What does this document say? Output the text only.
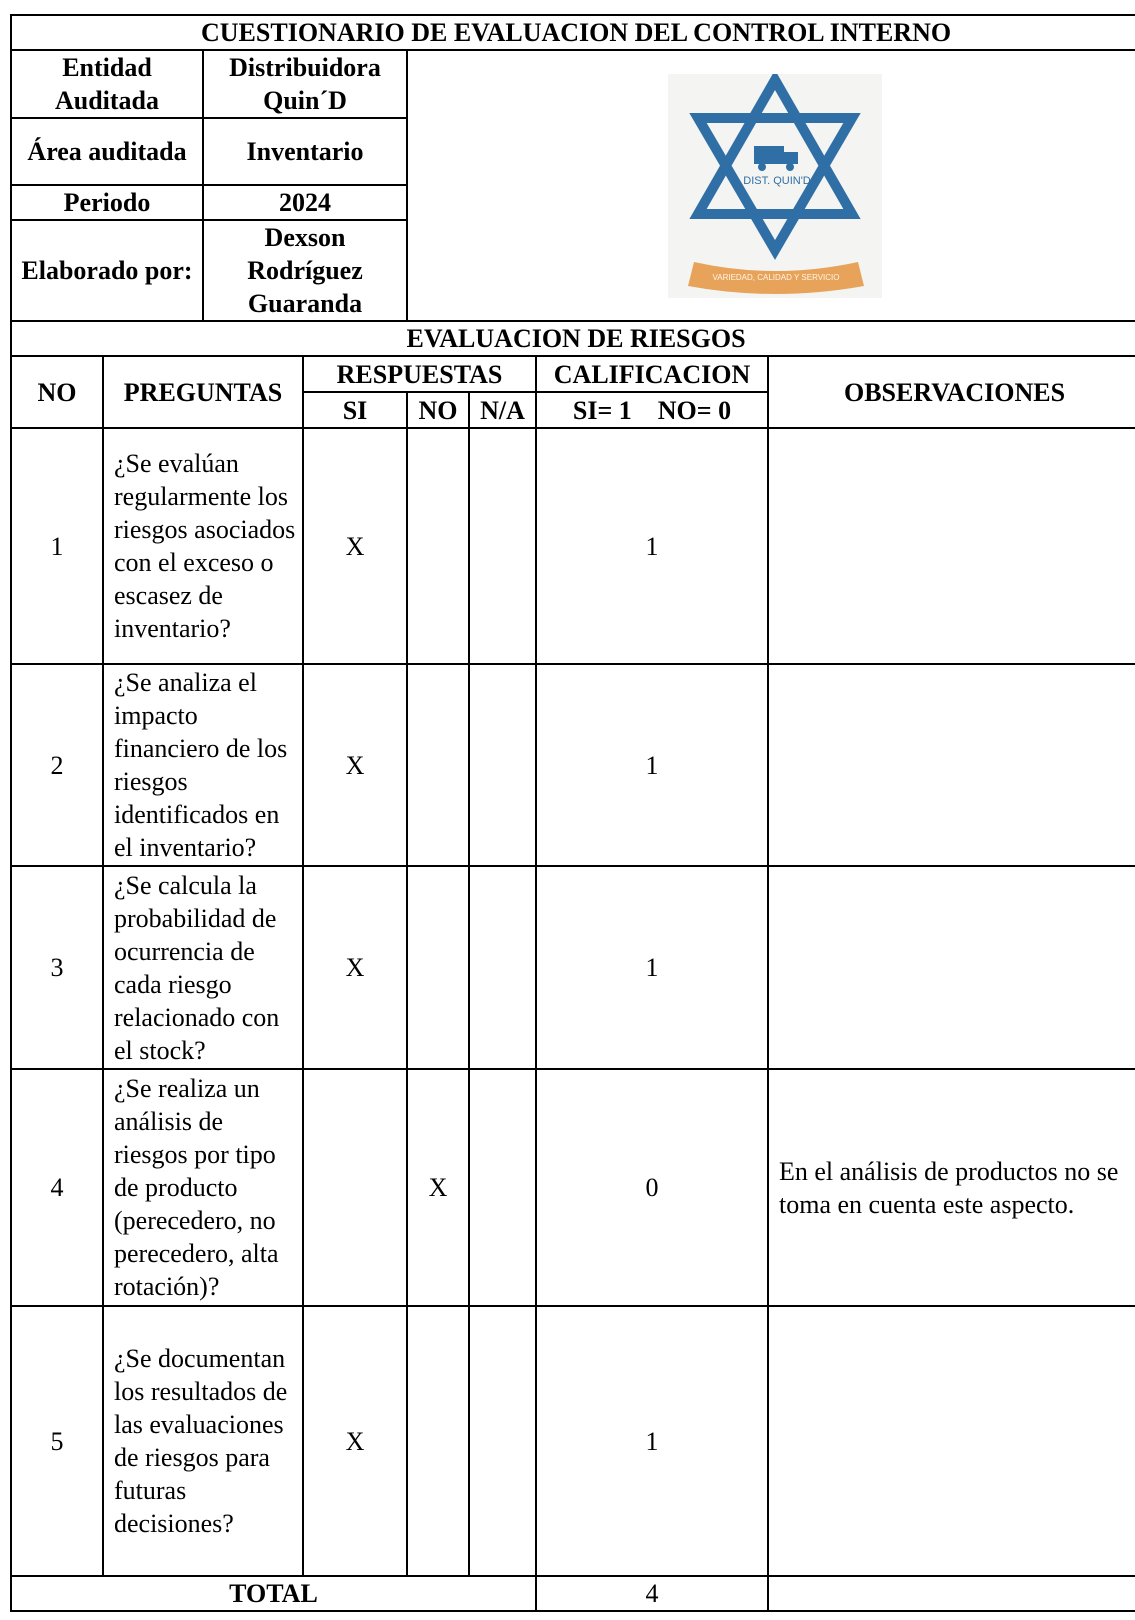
CUESTIONARIO DE EVALUACION DEL CONTROL INTERNO							
Entidad Auditada		Distribuidora Quin´D		DIST. QUIN'D
VARIEDAD, CALIDAD Y SERVICIO			

Área auditada		Inventario					
Periodo		2024					
Elaborado por:		Dexson Rodríguez Guaranda					
EVALUACION DE RIESGOS							
NO	PREGUNTAS		RESPUESTAS			CALIFICACION	OBSERVACIONES
			SI	NO	N/A	SI= 1 NO= 0	
1	¿Se evalúan regularmente los riesgos asociados con el exceso o escasez de inventario?		X			1	
2	¿Se analiza el impacto financiero de los riesgos identificados en el inventario?		X			1	
3	¿Se calcula la probabilidad de ocurrencia de cada riesgo relacionado con el stock?		X			1	
4	¿Se realiza un análisis de riesgos por tipo de producto (perecedero, no perecedero, alta rotación)?			X		0	En el análisis de productos no se toma en cuenta este aspecto.
5	¿Se documentan los resultados de las evaluaciones de riesgos para futuras decisiones?		X			1	
TOTAL						4	
